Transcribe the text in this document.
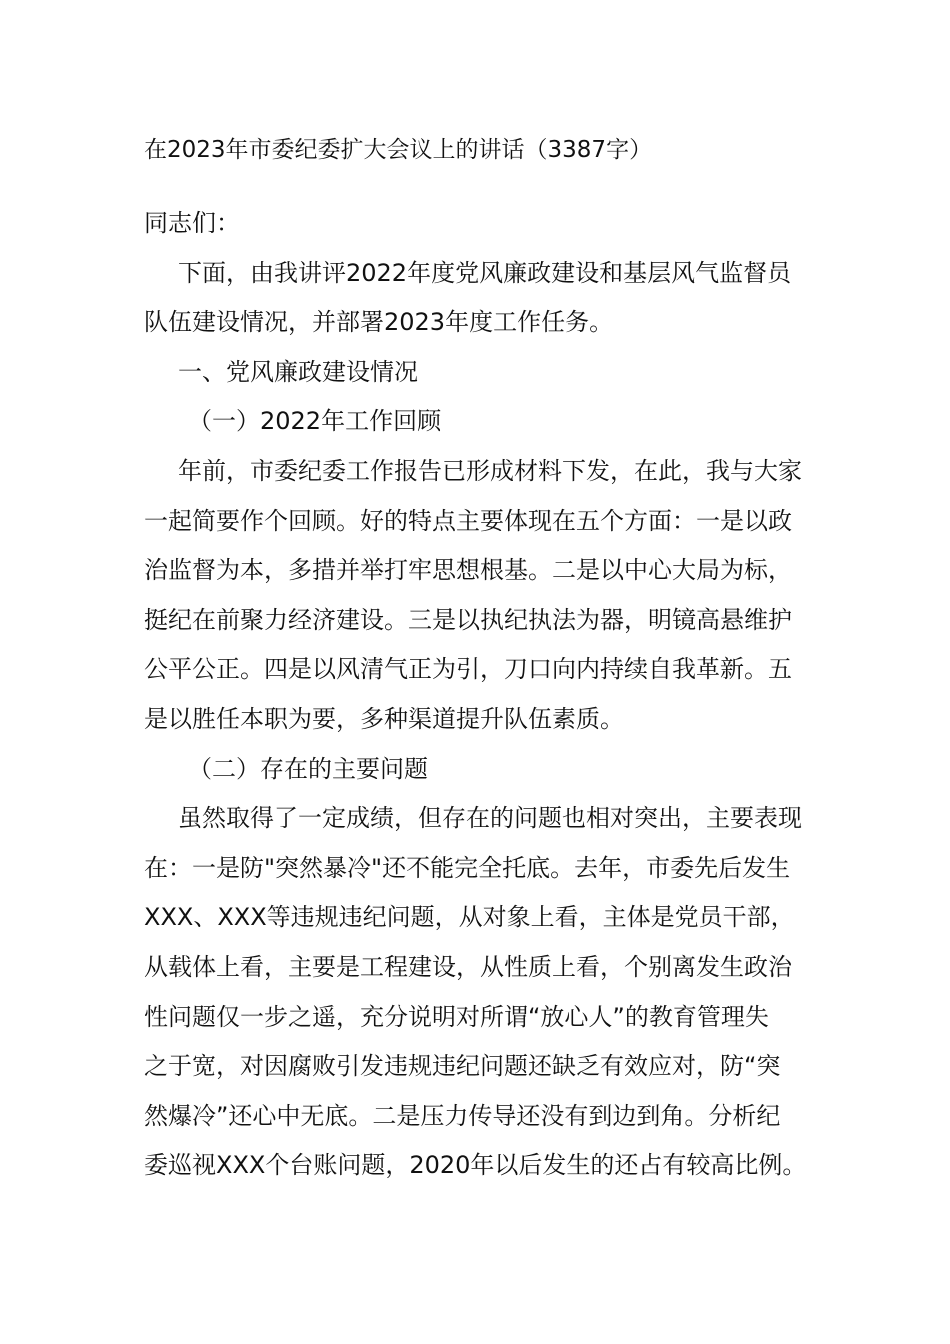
在2023年市委纪委扩大会议上的讲话（3387字）
同志们：
下面，由我讲评2022年度党风廉政建设和基层风气监督员
队伍建设情况，并部署2023年度工作任务。
一、党风廉政建设情况
（一）2022年工作回顾
年前，市委纪委工作报告已形成材料下发，在此，我与大家
一起简要作个回顾。好的特点主要体现在五个方面：一是以政
治监督为本，多措并举打牢思想根基。二是以中心大局为标，
挺纪在前聚力经济建设。三是以执纪执法为器，明镜高悬维护
公平公正。四是以风清气正为引，刀口向内持续自我革新。五
是以胜任本职为要，多种渠道提升队伍素质。
（二）存在的主要问题
虽然取得了一定成绩，但存在的问题也相对突出，主要表现
在：一是防"突然暴冷"还不能完全托底。去年，市委先后发生
XXX、XXX等违规违纪问题，从对象上看，主体是党员干部，
从载体上看，主要是工程建设，从性质上看，个别离发生政治
性问题仅一步之遥，充分说明对所谓“放心人”的教育管理失
之于宽，对因腐败引发违规违纪问题还缺乏有效应对，防“突
然爆冷”还心中无底。二是压力传导还没有到边到角。分析纪
委巡视XXX个台账问题，2020年以后发生的还占有较高比例。
